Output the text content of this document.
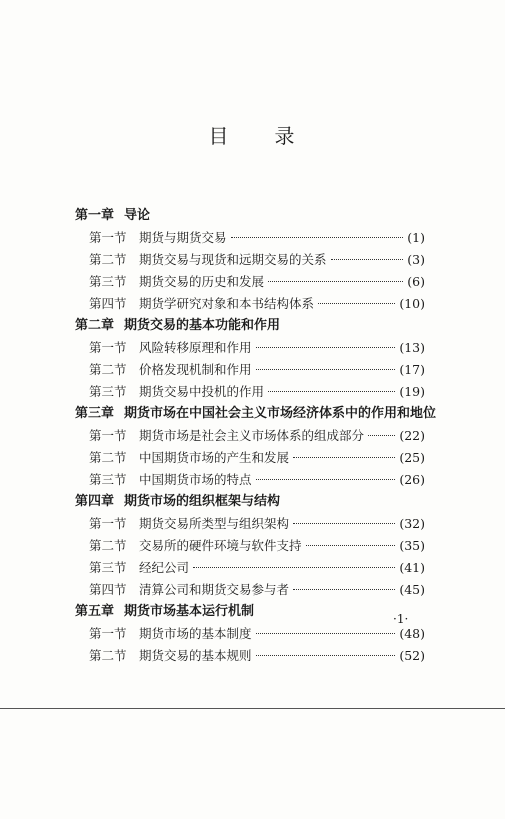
目 录
第一章 导论
第一节 期货与期货交易	(1)
第二节 期货交易与现货和远期交易的关系	(3)
第三节 期货交易的历史和发展	(6)
第四节 期货学研究对象和本书结构体系	(10)
第二章 期货交易的基本功能和作用
第一节 风险转移原理和作用	(13)
第二节 价格发现机制和作用	(17)
第三节 期货交易中投机的作用	(19)
第三章 期货市场在中国社会主义市场经济体系中的作用和地位
第一节 期货市场是社会主义市场体系的组成部分	(22)
第二节 中国期货市场的产生和发展	(25)
第三节 中国期货市场的特点	(26)
第四章 期货市场的组织框架与结构
第一节 期货交易所类型与组织架构	(32)
第二节 交易所的硬件环境与软件支持	(35)
第三节 经纪公司	(41)
第四节 清算公司和期货交易参与者	(45)
第五章 期货市场基本运行机制
第一节 期货市场的基本制度	(48)
第二节 期货交易的基本规则	(52)
·1·
